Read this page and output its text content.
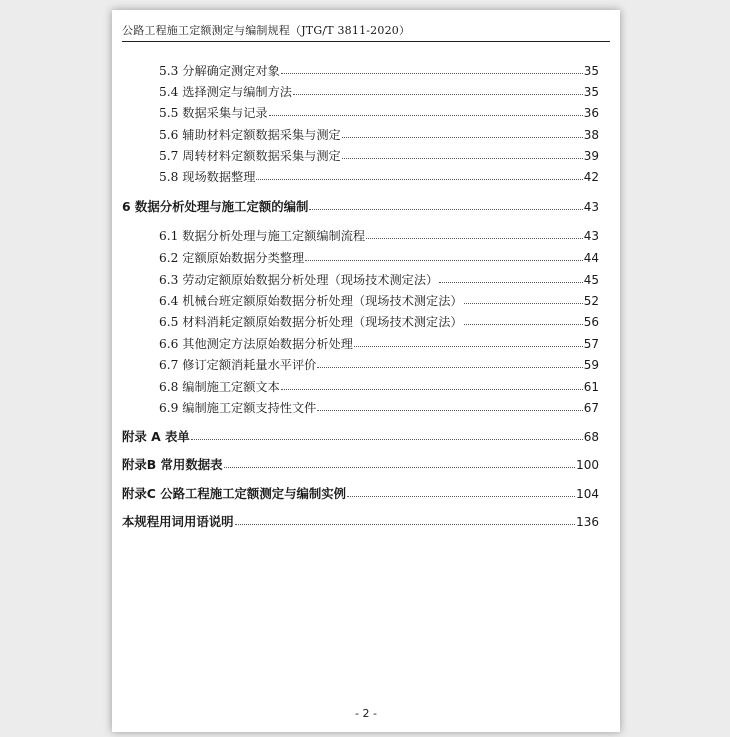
公路工程施工定额测定与编制规程（JTG/T 3811-2020）
5.3 分解确定测定对象	35
5.4 选择测定与编制方法	35
5.5 数据采集与记录	36
5.6 辅助材料定额数据采集与测定	38
5.7 周转材料定额数据采集与测定	39
5.8 现场数据整理	42
6 数据分析处理与施工定额的编制	43
6.1 数据分析处理与施工定额编制流程	43
6.2 定额原始数据分类整理	44
6.3 劳动定额原始数据分析处理（现场技术测定法）	45
6.4 机械台班定额原始数据分析处理（现场技术测定法）	52
6.5 材料消耗定额原始数据分析处理（现场技术测定法）	56
6.6 其他测定方法原始数据分析处理	57
6.7 修订定额消耗量水平评价	59
6.8 编制施工定额文本	61
6.9 编制施工定额支持性文件	67
附录 A 表单	68
附录B 常用数据表	100
附录C 公路工程施工定额测定与编制实例	104
本规程用词用语说明	136
- 2 -
